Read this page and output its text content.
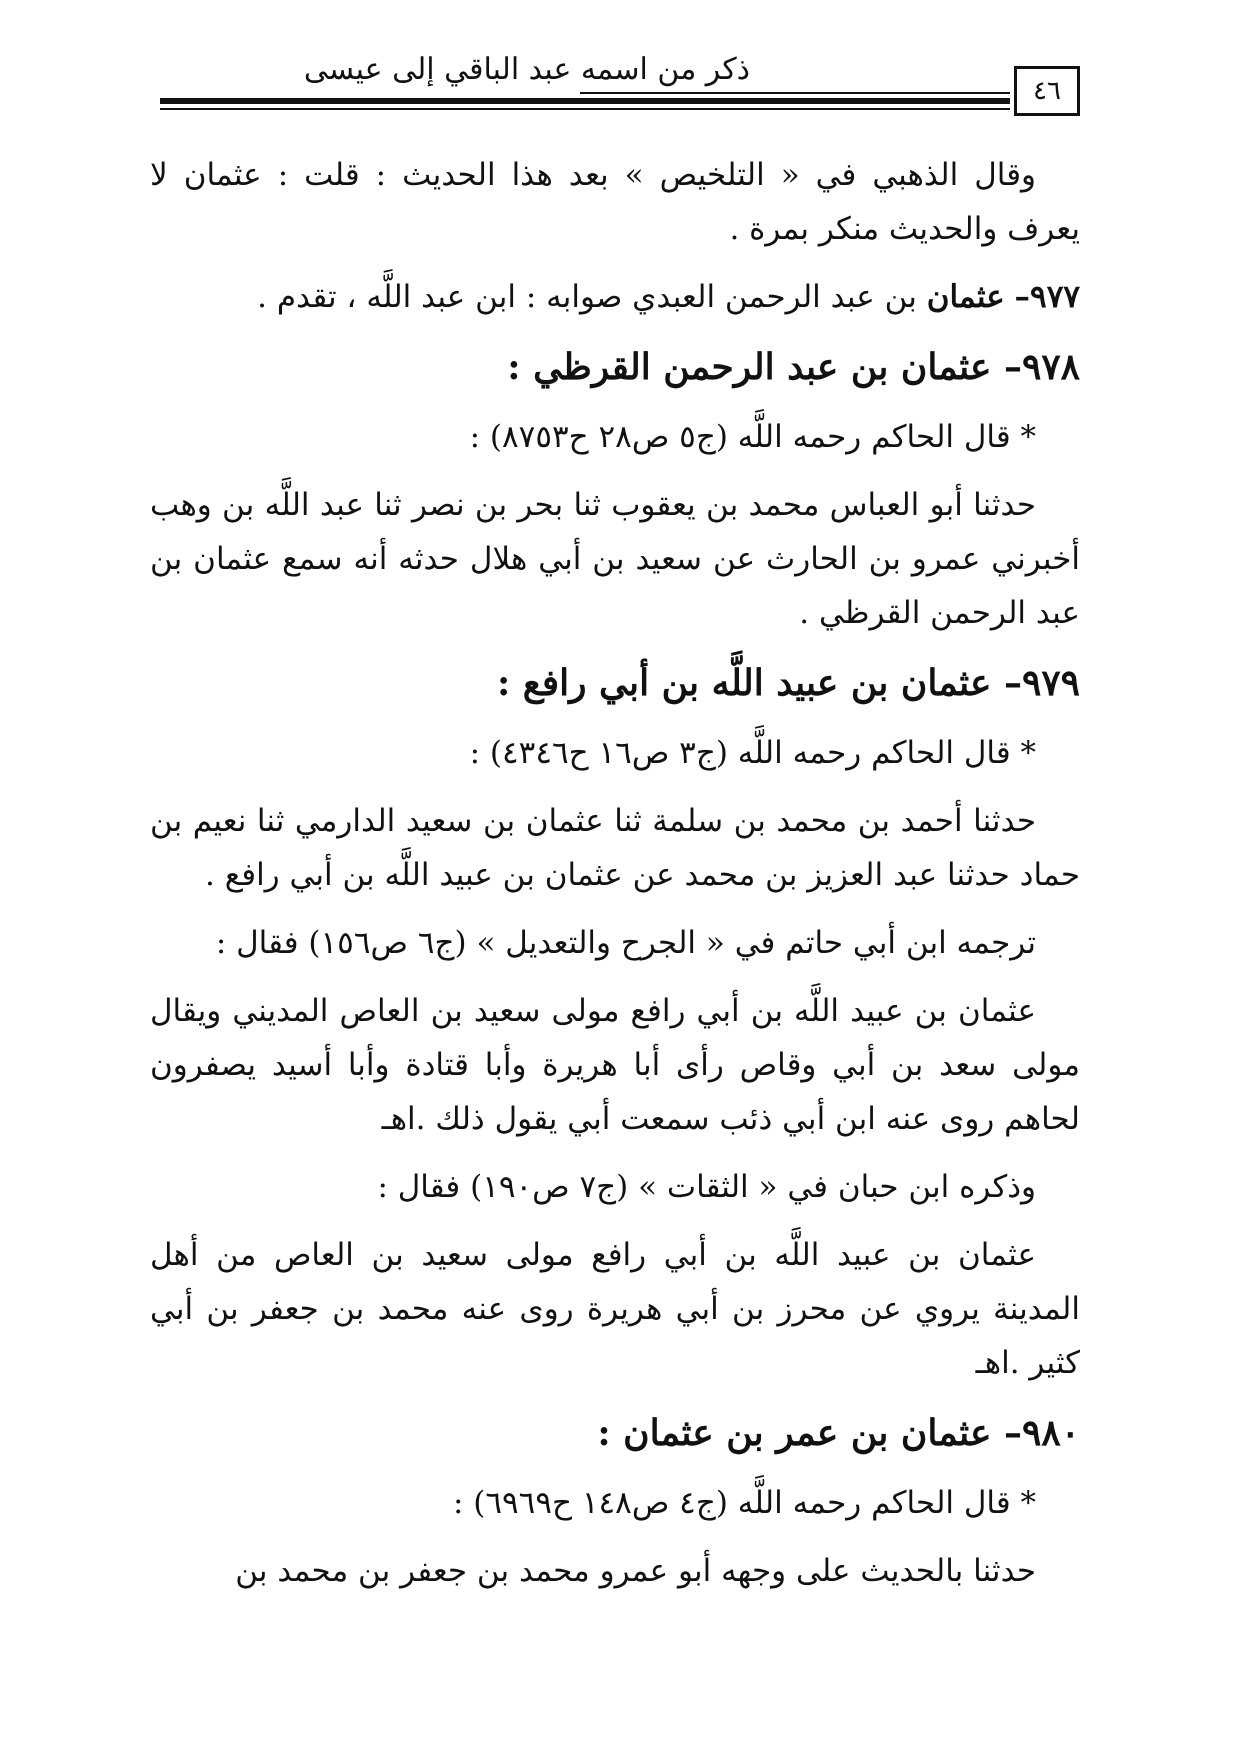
ذكر من اسمه عبد الباقي إلى عيسى
٤٦

وقال الذهبي في « التلخيص » بعد هذا الحديث : قلت : عثمان لا يعرف والحديث منكر بمرة .

٩٧٧– عثمان بن عبد الرحمن العبدي صوابه : ابن عبد اللَّه ، تقدم .

٩٧٨– عثمان بن عبد الرحمن القرظي :

* قال الحاكم رحمه اللَّه (ج٥ ص٢٨ ح٨٧٥٣) :

حدثنا أبو العباس محمد بن يعقوب ثنا بحر بن نصر ثنا عبد اللَّه بن وهب أخبرني عمرو بن الحارث عن سعيد بن أبي هلال حدثه أنه سمع عثمان بن عبد الرحمن القرظي .

٩٧٩– عثمان بن عبيد اللَّه بن أبي رافع :

* قال الحاكم رحمه اللَّه (ج٣ ص١٦ ح٤٣٤٦) :

حدثنا أحمد بن محمد بن سلمة ثنا عثمان بن سعيد الدارمي ثنا نعيم بن حماد حدثنا عبد العزيز بن محمد عن عثمان بن عبيد اللَّه بن أبي رافع .

ترجمه ابن أبي حاتم في « الجرح والتعديل » (ج٦ ص١٥٦) فقال :

عثمان بن عبيد اللَّه بن أبي رافع مولى سعيد بن العاص المديني ويقال مولى سعد بن أبي وقاص رأى أبا هريرة وأبا قتادة وأبا أسيد يصفرون لحاهم روى عنه ابن أبي ذئب سمعت أبي يقول ذلك .اهـ

وذكره ابن حبان في « الثقات » (ج٧ ص١٩٠) فقال :

عثمان بن عبيد اللَّه بن أبي رافع مولى سعيد بن العاص من أهل المدينة يروي عن محرز بن أبي هريرة روى عنه محمد بن جعفر بن أبي كثير .اهـ

٩٨٠– عثمان بن عمر بن عثمان :

* قال الحاكم رحمه اللَّه (ج٤ ص١٤٨ ح٦٩٦٩) :

حدثنا بالحديث على وجهه أبو عمرو محمد بن جعفر بن محمد بن
